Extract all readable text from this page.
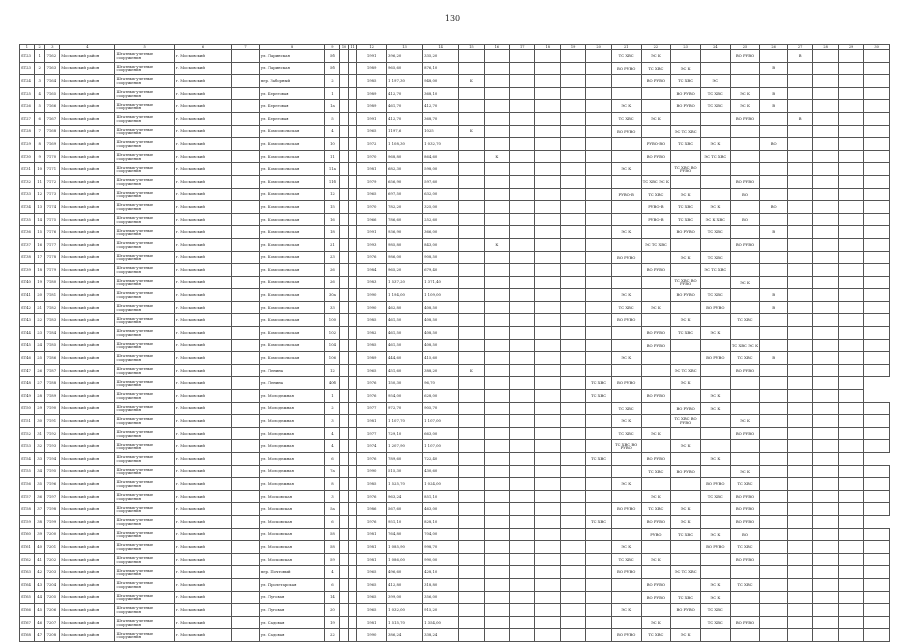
130
1	2	3	4	5	6	7	8	9	10	11	12	13	14	15	16	17	18	19	20	21	22	23	24	25	26	27	28	29	30
ST23	1	7162	Московский район	Штатных-учетные сооружения	г. Московский		ул. Ларинская	5б			1991	396,20	335,20							ТС ХВС	ЭС К			ВО РУВО		В			
ST23	2	7163	Московский район	Штатных-учетные сооружения	г. Московский		ул. Ларинская	5б			1989	965,60	876,10							ВО РУВО	ТС ХВС	ЭС К			В				
ST24	3	7164	Московский район	Штатных-учетные сооружения	г. Московский		пер. Заборный	2			1985	1 197,30	948,00	К							ВО РУВО	ТС ХВС	ЭС						
ST25	4	7165	Московский район	Штатных-учетные сооружения	г. Московский		ул. Береговая	1			1989	412,70	368,10									ВО РУВО	ТС ХВС	ЭС К	В				
ST26	5	7166	Московский район	Штатных-учетные сооружения	г. Московский		ул. Береговая	1а			1989	461,70	412,70							ЭС К		ВО РУВО	ТС ХВС	ЭС К	В				
ST27	6	7167	Московский район	Штатных-учетные сооружения	г. Московский		ул. Береговая	5			1991	412,70	368,70							ТС ХВС	ЭС К			ВО РУВО		В			
ST28	7	7168	Московский район	Штатных-учетные сооружения	г. Московский		ул. Комсомольская	4			1965	1197,6	1025	К						ВО РУВО		ЭС ТС ХВС							
ST29	8	7169	Московский район	Штатных-учетные сооружения	г. Московский		ул. Комсомольская	10			1972	1 108,30	1 032,70								РУВО-ВО	ТС ХВС	ЭС К		ВО				
ST30	9	7170	Московский район	Штатных-учетные сооружения	г. Московский		ул. Комсомольская	11			1970	968,80	864,60		К						ВО РУВО		ЭС ТС ХВС						
ST31	10	7171	Московский район	Штатных-учетные сооружения	г. Московский		ул. Комсомольская	11а			1981	682,30	598,00							ЭС К		ТС ХВС ВО РУВО							
ST32	11	7172	Московский район	Штатных-учетные сооружения	г. Московский		ул. Комсомольская	11б			1979	656,90	597,60								ТС ХВС ЭС К			ВО РУВО					
ST33	12	7173	Московский район	Штатных-учетные сооружения	г. Московский		ул. Комсомольская	12			1965	697,50	632,00							РУВО-В	ТС ХВС	ЭС К		ВО					
ST34	13	7174	Московский район	Штатных-учетные сооружения	г. Московский		ул. Комсомольская	15			1970	782,20	325,00								РУВО-В	ТС ХВС	ЭС К		ВО				
ST35	14	7175	Московский район	Штатных-учетные сооружения	г. Московский		ул. Комсомольская	16			1966	786,60	252,60								РУВО-В	ТС ХВС	ЭС К ХВС	ВО					
ST36	15	7176	Московский район	Штатных-учетные сооружения	г. Московский		ул. Комсомольская	18			1991	936,90	366,00							ЭС К		ВО РУВО	ТС ХВС		В				
ST37	16	7177	Московский район	Штатных-учетные сооружения	г. Московский		ул. Комсомольская	21			1993	985,80	843,00		К						ЭС ТС ХВС			ВО РУВО					
ST38	17	7178	Московский район	Штатных-учетные сооружения	г. Московский		ул. Комсомольская	23			1976	986,00	908,50							ВО РУВО		ЭС К	ТС ХВС						
ST39	18	7179	Московский район	Штатных-учетные сооружения	г. Московский		ул. Комсомольская	26			1984	965,20	679,40								ВО РУВО		ЭС ТС ХВС						
ST40	19	7180	Московский район	Штатных-учетные сооружения	г. Московский		ул. Комсомольская	26			1983	1 537,20	1 371,40									ТС ХВС ВО РУВО		ЭС К					
ST41	20	7181	Московский район	Штатных-учетные сооружения	г. Московский		ул. Комсомольская	30а			1990	1 194,00	1 109,00							ЭС К		ВО РУВО	ТС ХВС		В				
ST42	21	7182	Московский район	Штатных-учетные сооружения	г. Московский		ул. Комсомольская	33			1990	462,80	408,50							ТС ХВС	ЭС К		ВО РУВО		В				
ST43	22	7183	Московский район	Штатных-учетные сооружения	г. Московский		ул. Комсомольская	100			1985	461,50	408,50							ВО РУВО		ЭС К		ТС ХВС					
ST44	23	7184	Московский район	Штатных-учетные сооружения	г. Московский		ул. Комсомольская	102			1982	461,50	408,50								ВО РУВО	ТС ХВС	ЭС К						
ST45	24	7185	Московский район	Штатных-учетные сооружения	г. Московский		ул. Комсомольская	104			1985	461,50	408,50								ВО РУВО			ТС ХВС ЭС К					
ST46	25	7186	Московский район	Штатных-учетные сооружения	г. Московский		ул. Комсомольская	106			1989	444,60	415,60							ЭС К			ВО РУВО	ТС ХВС	В				
ST47	26	7187	Московский район	Штатных-учетные сооружения	г. Московский		ул. Ленина	12			1965	451,60	388,20	К								ЭС ТС ХВС		ВО РУВО					
ST48	27	7188	Московский район	Штатных-учетные сооружения	г. Московский		ул. Ленина	40б			1976	150,30	96,70						ТС ХВС	ВО РУВО		ЭС К							
ST49	28	7189	Московский район	Штатных-учетные сооружения	г. Московский		ул. Молодежная	1			1976	954,00	628,00						ТС ХВС		ВО РУВО		ЭС К						
ST50	29	7190	Московский район	Штатных-учетные сооружения	г. Московский		ул. Молодежная	2			1977	972,70	905,70							ТС ХВС		ВО РУВО	ЭС К						
ST51	30	7191	Московский район	Штатных-учетные сооружения	г. Московский		ул. Молодежная	3			1981	1 107,70	1 107,00							ЭС К		ТС ХВС ВО РУВО		ЭС К					
ST52	31	7192	Московский район	Штатных-учетные сооружения	г. Московский		ул. Молодежная	4			1977	729,10	663,00							ТС ХВС	ЭС К			ВО РУВО					
ST53	32	7193	Московский район	Штатных-учетные сооружения	г. Московский		ул. Молодежная	4			1974	1 207,90	1 107,00							ТС ХВС ВО РУВО		ЭС К							
ST54	33	7194	Московский район	Штатных-учетные сооружения	г. Московский		ул. Молодежная	6			1976	789,60	722,40						ТС ХВС		ВО РУВО		ЭС К						
ST55	34	7195	Московский район	Штатных-учетные сооружения	г. Московский		ул. Молодежная	7а			1990	515,30	430,60								ТС ХВС	ВО РУВО		ЭС К					
ST56	35	7196	Московский район	Штатных-учетные сооружения	г. Московский		ул. Молодежная	8			1985	1 525,70	1 024,00							ЭС К			ВО РУВО	ТС ХВС					
ST57	36	7197	Московский район	Штатных-учетные сооружения	г. Московский		ул. Московская	3			1976	963,24	851,10								ЭС К		ТС ХВС	ВО РУВО					
ST58	37	7198	Московский район	Штатных-учетные сооружения	г. Московский		ул. Московская	5а			1986	567,60	463,00							ВО РУВО	ТС ХВС	ЭС К		ВО РУВО					
ST59	38	7199	Московский район	Штатных-учетные сооружения	г. Московский		ул. Московская	6			1976	951,10	828,10						ТС ХВС		ВО РУВО	ЭС К		ВО РУВО					
ST60	39	7200	Московский район	Штатных-учетные сооружения	г. Московский		ул. Московская	58			1981	764,80	704,00								РУВО	ТС ХВС	ЭС К	ВО					
ST61	40	7201	Московский район	Штатных-учетные сооружения	г. Московский		ул. Московская	58			1981	1 085,90	998,70							ЭС К			ВО РУВО	ТС ХВС					
ST62	41	7202	Московский район	Штатных-учетные сооружения	г. Московский		ул. Московская	59			1981	1 086,00	990,00							ТС ХВС	ЭС К			ВО РУВО					
ST63	42	7203	Московский район	Штатных-учетные сооружения	г. Московский		пер. Почтовый	4			1965	496,60	428,10							ВО РУВО		ЭС ТС ХВС							
ST64	43	7204	Московский район	Штатных-учетные сооружения	г. Московский		ул. Пролетарская	6			1965	412,80	318,80								ВО РУВО		ЭС К	ТС ХВС					
ST65	44	7205	Московский район	Штатных-учетные сооружения	г. Московский		ул. Луговая	14			1965	399,00	356,00								ВО РУВО	ТС ХВС	ЭС К						
ST66	45	7206	Московский район	Штатных-учетные сооружения	г. Московский		ул. Луговая	20			1965	1 032,00	915,20							ЭС К		ВО РУВО	ТС ХВС						
ST67	46	7207	Московский район	Штатных-учетные сооружения	г. Московский		ул. Садовая	19			1981	1 515,70	1 354,00								ЭС К		ТС ХВС	ВО РУВО					
ST68	47	7208	Московский район	Штатных-учетные сооружения	г. Московский		ул. Садовая	22			1990	386,24	338,24							ВО РУВО	ТС ХВС	ЭС К							
